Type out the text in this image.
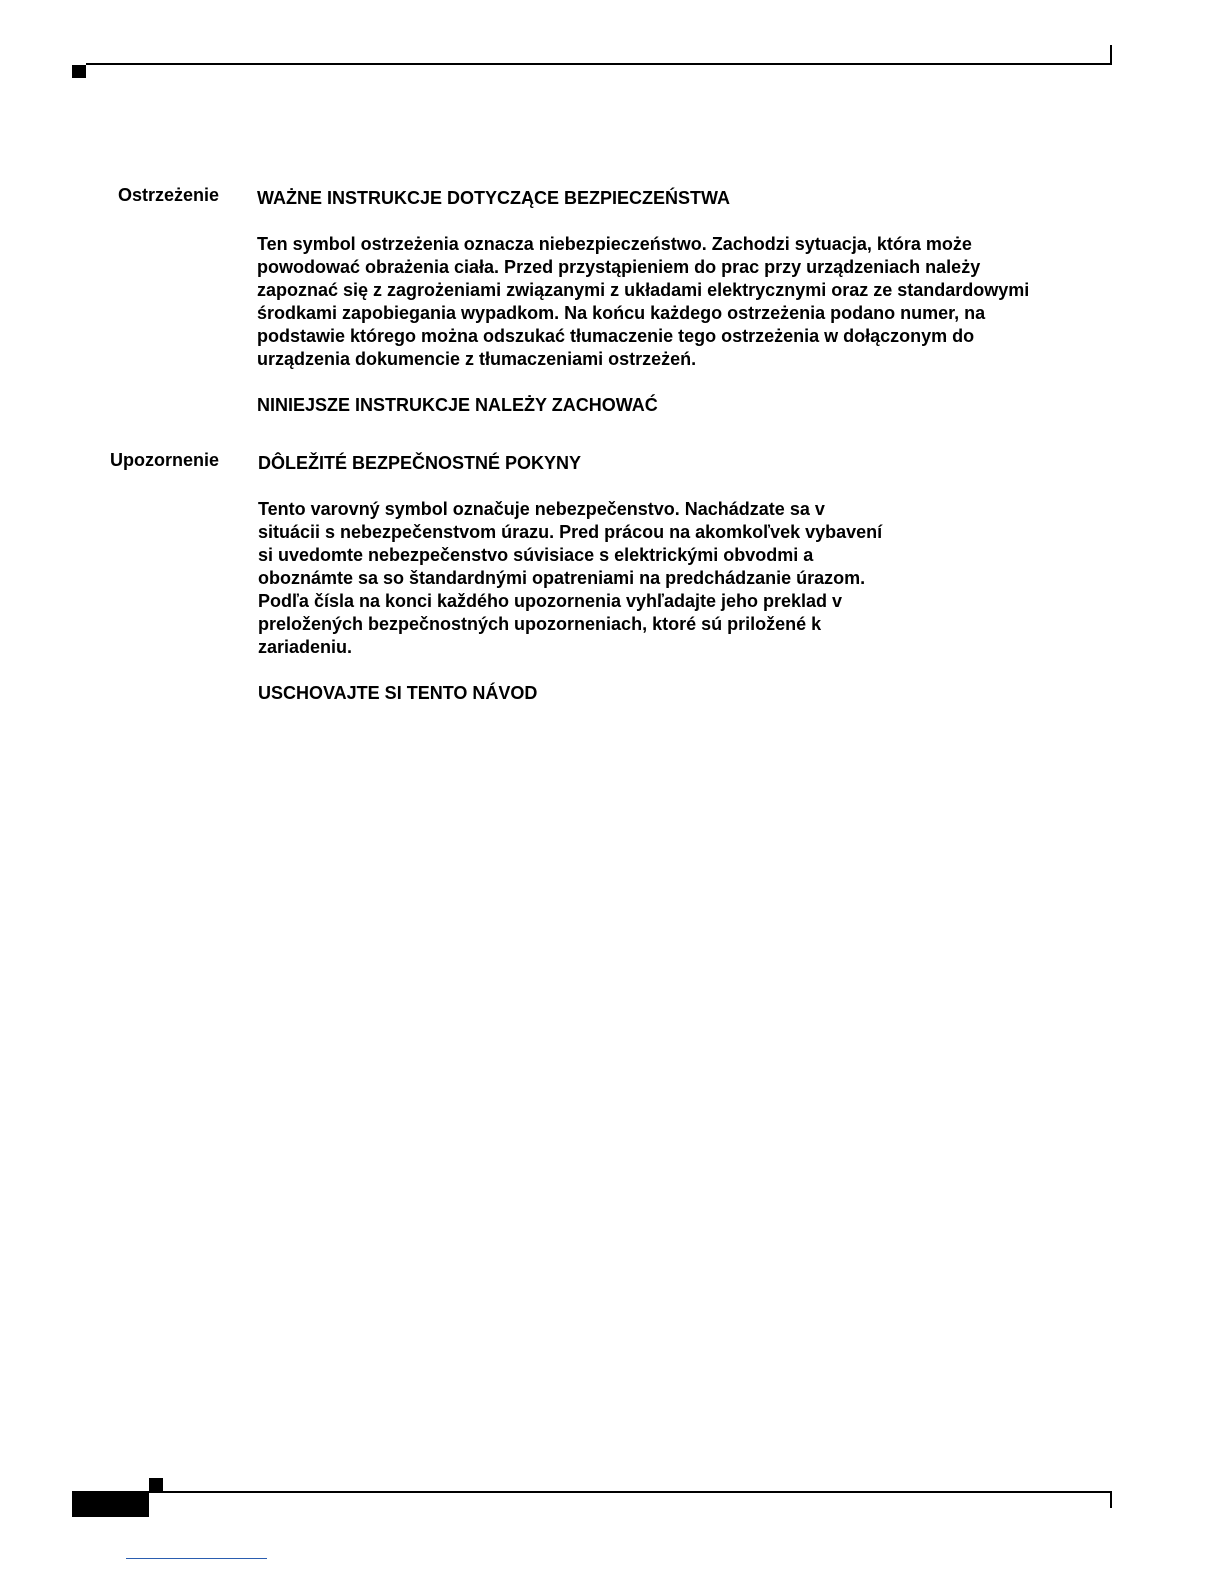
Ostrzeżenie WAŻNE INSTRUKCJE DOTYCZĄCE BEZPIECZEŃSTWA

Ten symbol ostrzeżenia oznacza niebezpieczeństwo. Zachodzi sytuacja, która może
powodować obrażenia ciała. Przed przystąpieniem do prac przy urządzeniach należy
zapoznać się z zagrożeniami związanymi z układami elektrycznymi oraz ze standardowymi
środkami zapobiegania wypadkom. Na końcu każdego ostrzeżenia podano numer, na
podstawie którego można odszukać tłumaczenie tego ostrzeżenia w dołączonym do
urządzenia dokumencie z tłumaczeniami ostrzeżeń.

NINIEJSZE INSTRUKCJE NALEŻY ZACHOWAĆ

Upozornenie DÔLEŽITÉ BEZPEČNOSTNÉ POKYNY

Tento varovný symbol označuje nebezpečenstvo. Nachádzate sa v
situácii s nebezpečenstvom úrazu. Pred prácou na akomkoľvek vybavení
si uvedomte nebezpečenstvo súvisiace s elektrickými obvodmi a
oboznámte sa so štandardnými opatreniami na predchádzanie úrazom.
Podľa čísla na konci každého upozornenia vyhľadajte jeho preklad v
preložených bezpečnostných upozorneniach, ktoré sú priložené k
zariadeniu.

USCHOVAJTE SI TENTO NÁVOD
